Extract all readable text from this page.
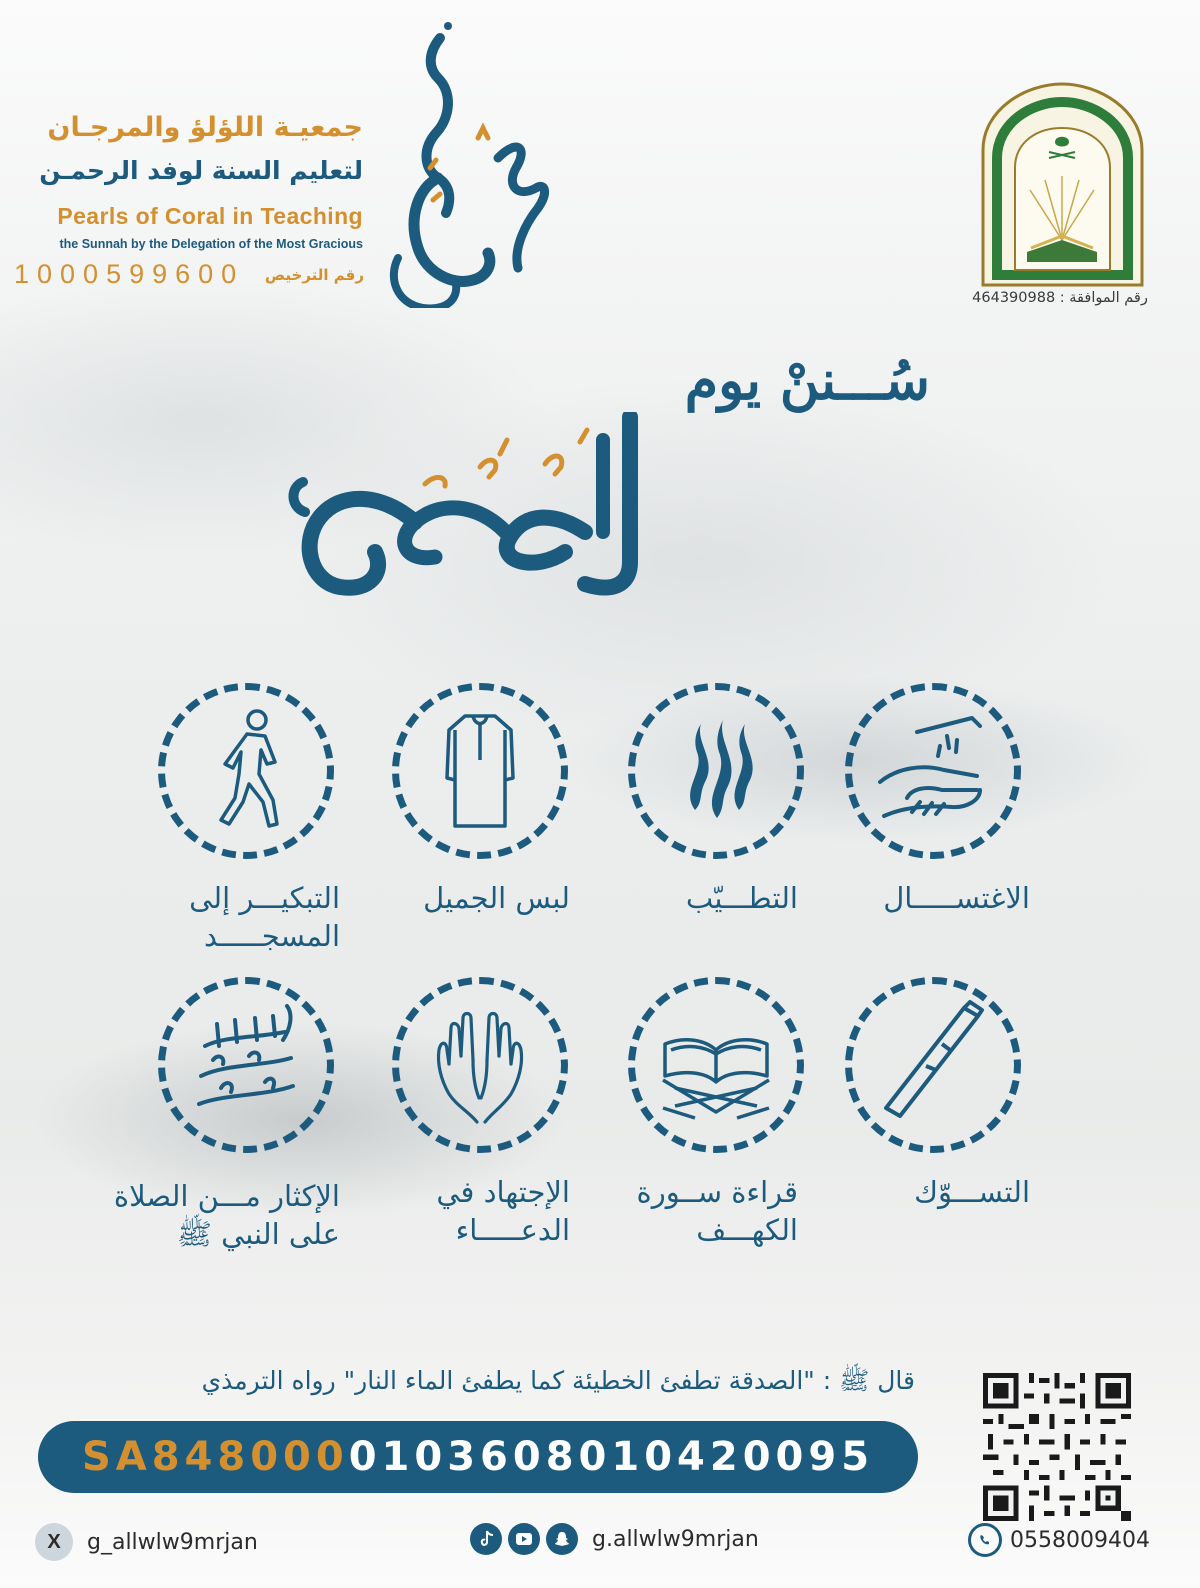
جمعيـة اللؤلؤ والمرجـان
لتعليم السنة لوفد الرحمـن
Pearls of Coral in Teaching
the Sunnah by the Delegation of the Most Gracious
1000599600 رقم الترخيص
رقم الموافقة : 464390988
سُـــننْ يوم
الاغتســـــال
التطـــيّب
لبس الجميل
التبكيـــر إلى المسجـــــد
التســـوّك
قراءة ســورة الكهـــف
الإجتهاد في الدعـــــاء
الإكثار مـــن الصلاة على النبي ﷺ
قال ﷺ : "الصدقة تطفئ الخطيئة كما يطفئ الماء النار" رواه الترمذي
SA848000 0103608010420095
X	g_allwlw9mrjan	g.allwlw9mrjan	0558009404
